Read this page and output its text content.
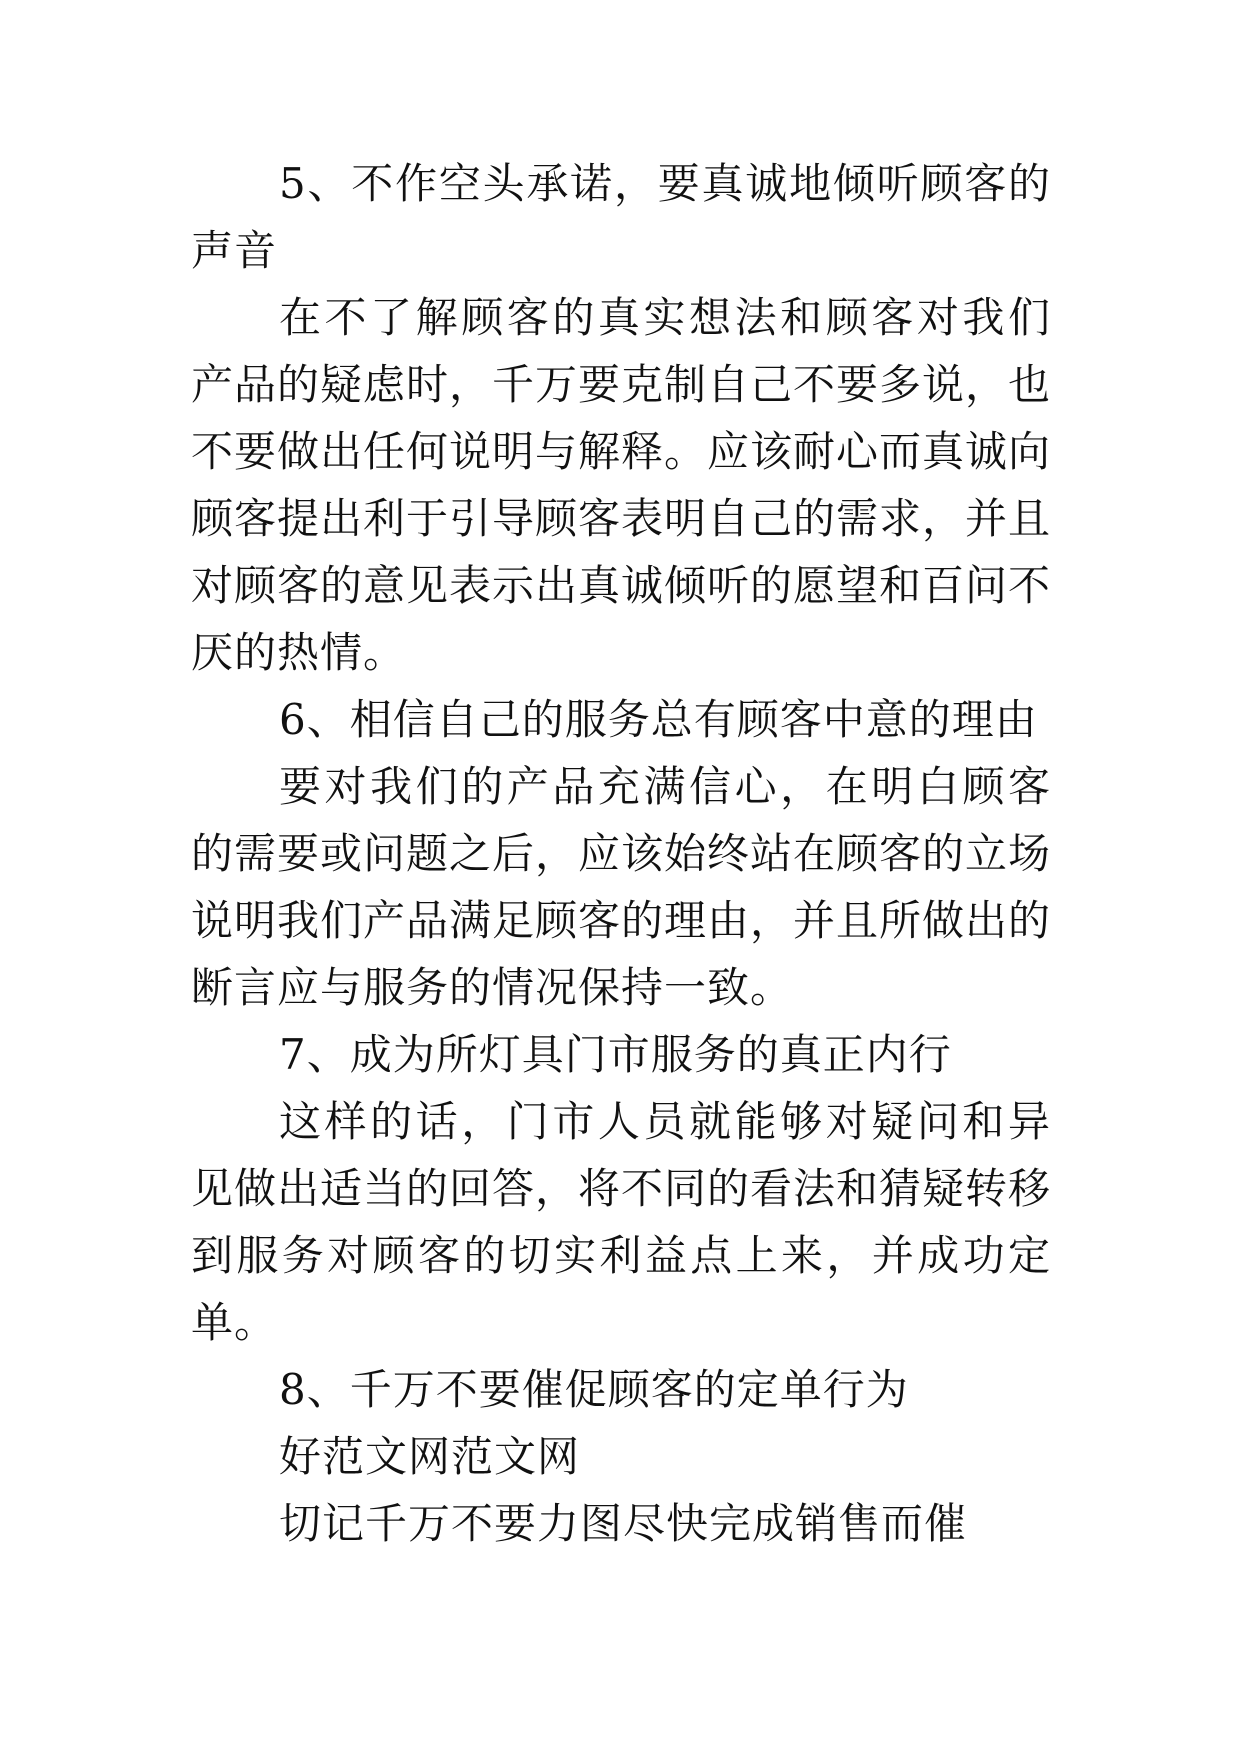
5、不作空头承诺，要真诚地倾听顾客的声音

在不了解顾客的真实想法和顾客对我们产品的疑虑时，千万要克制自己不要多说，也不要做出任何说明与解释。应该耐心而真诚向顾客提出利于引导顾客表明自己的需求，并且对顾客的意见表示出真诚倾听的愿望和百问不厌的热情。

6、相信自己的服务总有顾客中意的理由

要对我们的产品充满信心，在明白顾客的需要或问题之后，应该始终站在顾客的立场说明我们产品满足顾客的理由，并且所做出的断言应与服务的情况保持一致。

7、成为所灯具门市服务的真正内行

这样的话，门市人员就能够对疑问和异见做出适当的回答，将不同的看法和猜疑转移到服务对顾客的切实利益点上来，并成功定单。

8、千万不要催促顾客的定单行为

好范文网范文网

切记千万不要力图尽快完成销售而催
